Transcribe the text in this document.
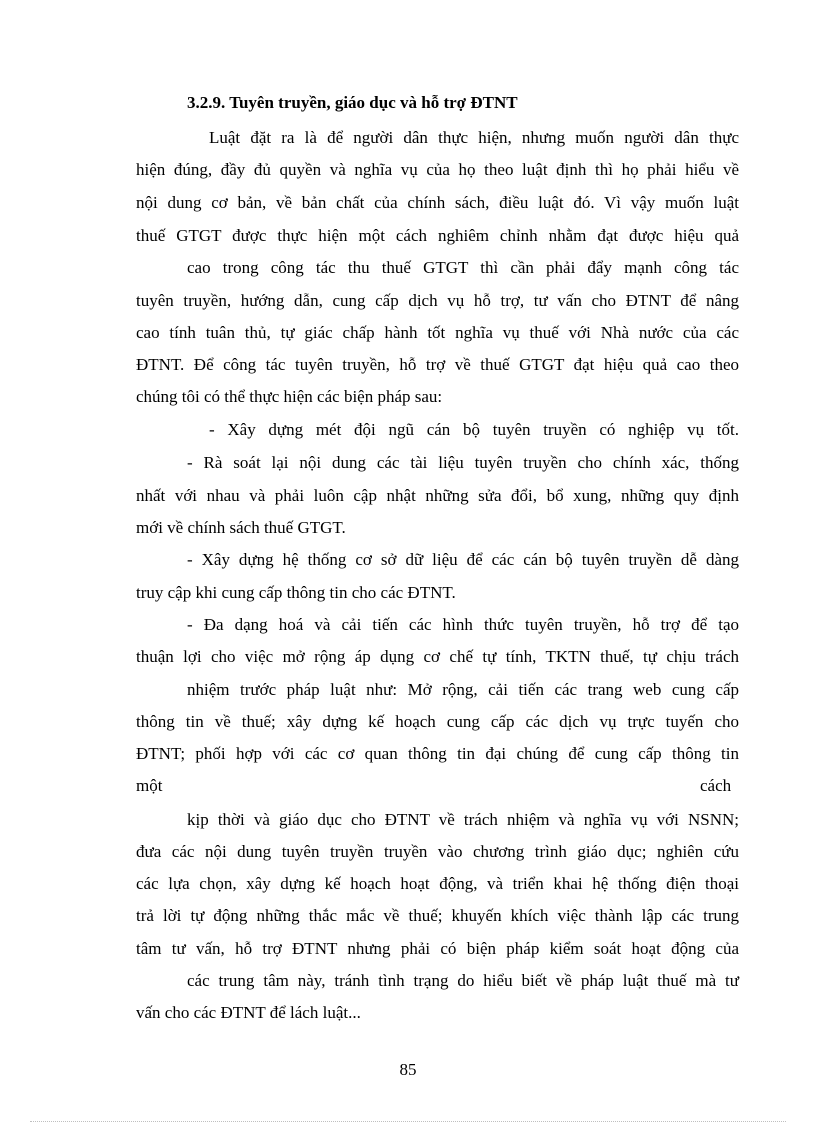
3.2.9. Tuyên truyền, giáo dục và hỗ trợ ĐTNT
Luật đặt ra là để người dân thực hiện, nhưng muốn người dân thực
hiện đúng, đầy đủ quyền và nghĩa vụ của họ theo luật định thì họ phải hiểu về
nội dung cơ bản, về bản chất của chính sách, điều luật đó. Vì vậy muốn luật
thuế GTGT được thực hiện một cách nghiêm chỉnh nhằm đạt được hiệu quả
cao trong công tác thu thuế GTGT thì cần phải đẩy mạnh công tác
tuyên truyền, hướng dẫn, cung cấp dịch vụ hỗ trợ, tư vấn cho ĐTNT để nâng
cao tính tuân thủ, tự giác chấp hành tốt nghĩa vụ thuế với Nhà nước của các
ĐTNT. Để công tác tuyên truyền, hỗ trợ về thuế GTGT đạt hiệu quả cao theo
chúng tôi có thể thực hiện các biện pháp sau:
- Xây dựng mét đội ngũ cán bộ tuyên truyền có nghiệp vụ tốt.
- Rà soát lại nội dung các tài liệu tuyên truyền cho chính xác, thống
nhất với nhau và phải luôn cập nhật những sửa đổi, bổ xung, những quy định
mới về chính sách thuế GTGT.
- Xây dựng hệ thống cơ sở dữ liệu để các cán bộ tuyên truyền dễ dàng
truy cập khi cung cấp thông tin cho các ĐTNT.
- Đa dạng hoá và cải tiến các hình thức tuyên truyền, hỗ trợ để tạo
thuận lợi cho việc mở rộng áp dụng cơ chế tự tính, TKTN thuế, tự chịu trách
nhiệm trước pháp luật như: Mở rộng, cải tiến các trang web cung cấp
thông tin về thuế; xây dựng kế hoạch cung cấp các dịch vụ trực tuyến cho
ĐTNT; phối hợp với các cơ quan thông tin đại chúng để cung cấp thông tin
một	cách
kịp thời và giáo dục cho ĐTNT về trách nhiệm và nghĩa vụ với NSNN;
đưa các nội dung tuyên truyền truyền vào chương trình giáo dục; nghiên cứu
các lựa chọn, xây dựng kế hoạch hoạt động, và triển khai hệ thống điện thoại
trả lời tự động những thắc mắc về thuế; khuyến khích việc thành lập các trung
tâm tư vấn, hỗ trợ ĐTNT nhưng phải có biện pháp kiểm soát hoạt động của
các trung tâm này, tránh tình trạng do hiểu biết về pháp luật thuế mà tư
vấn cho các ĐTNT để lách luật...
85
